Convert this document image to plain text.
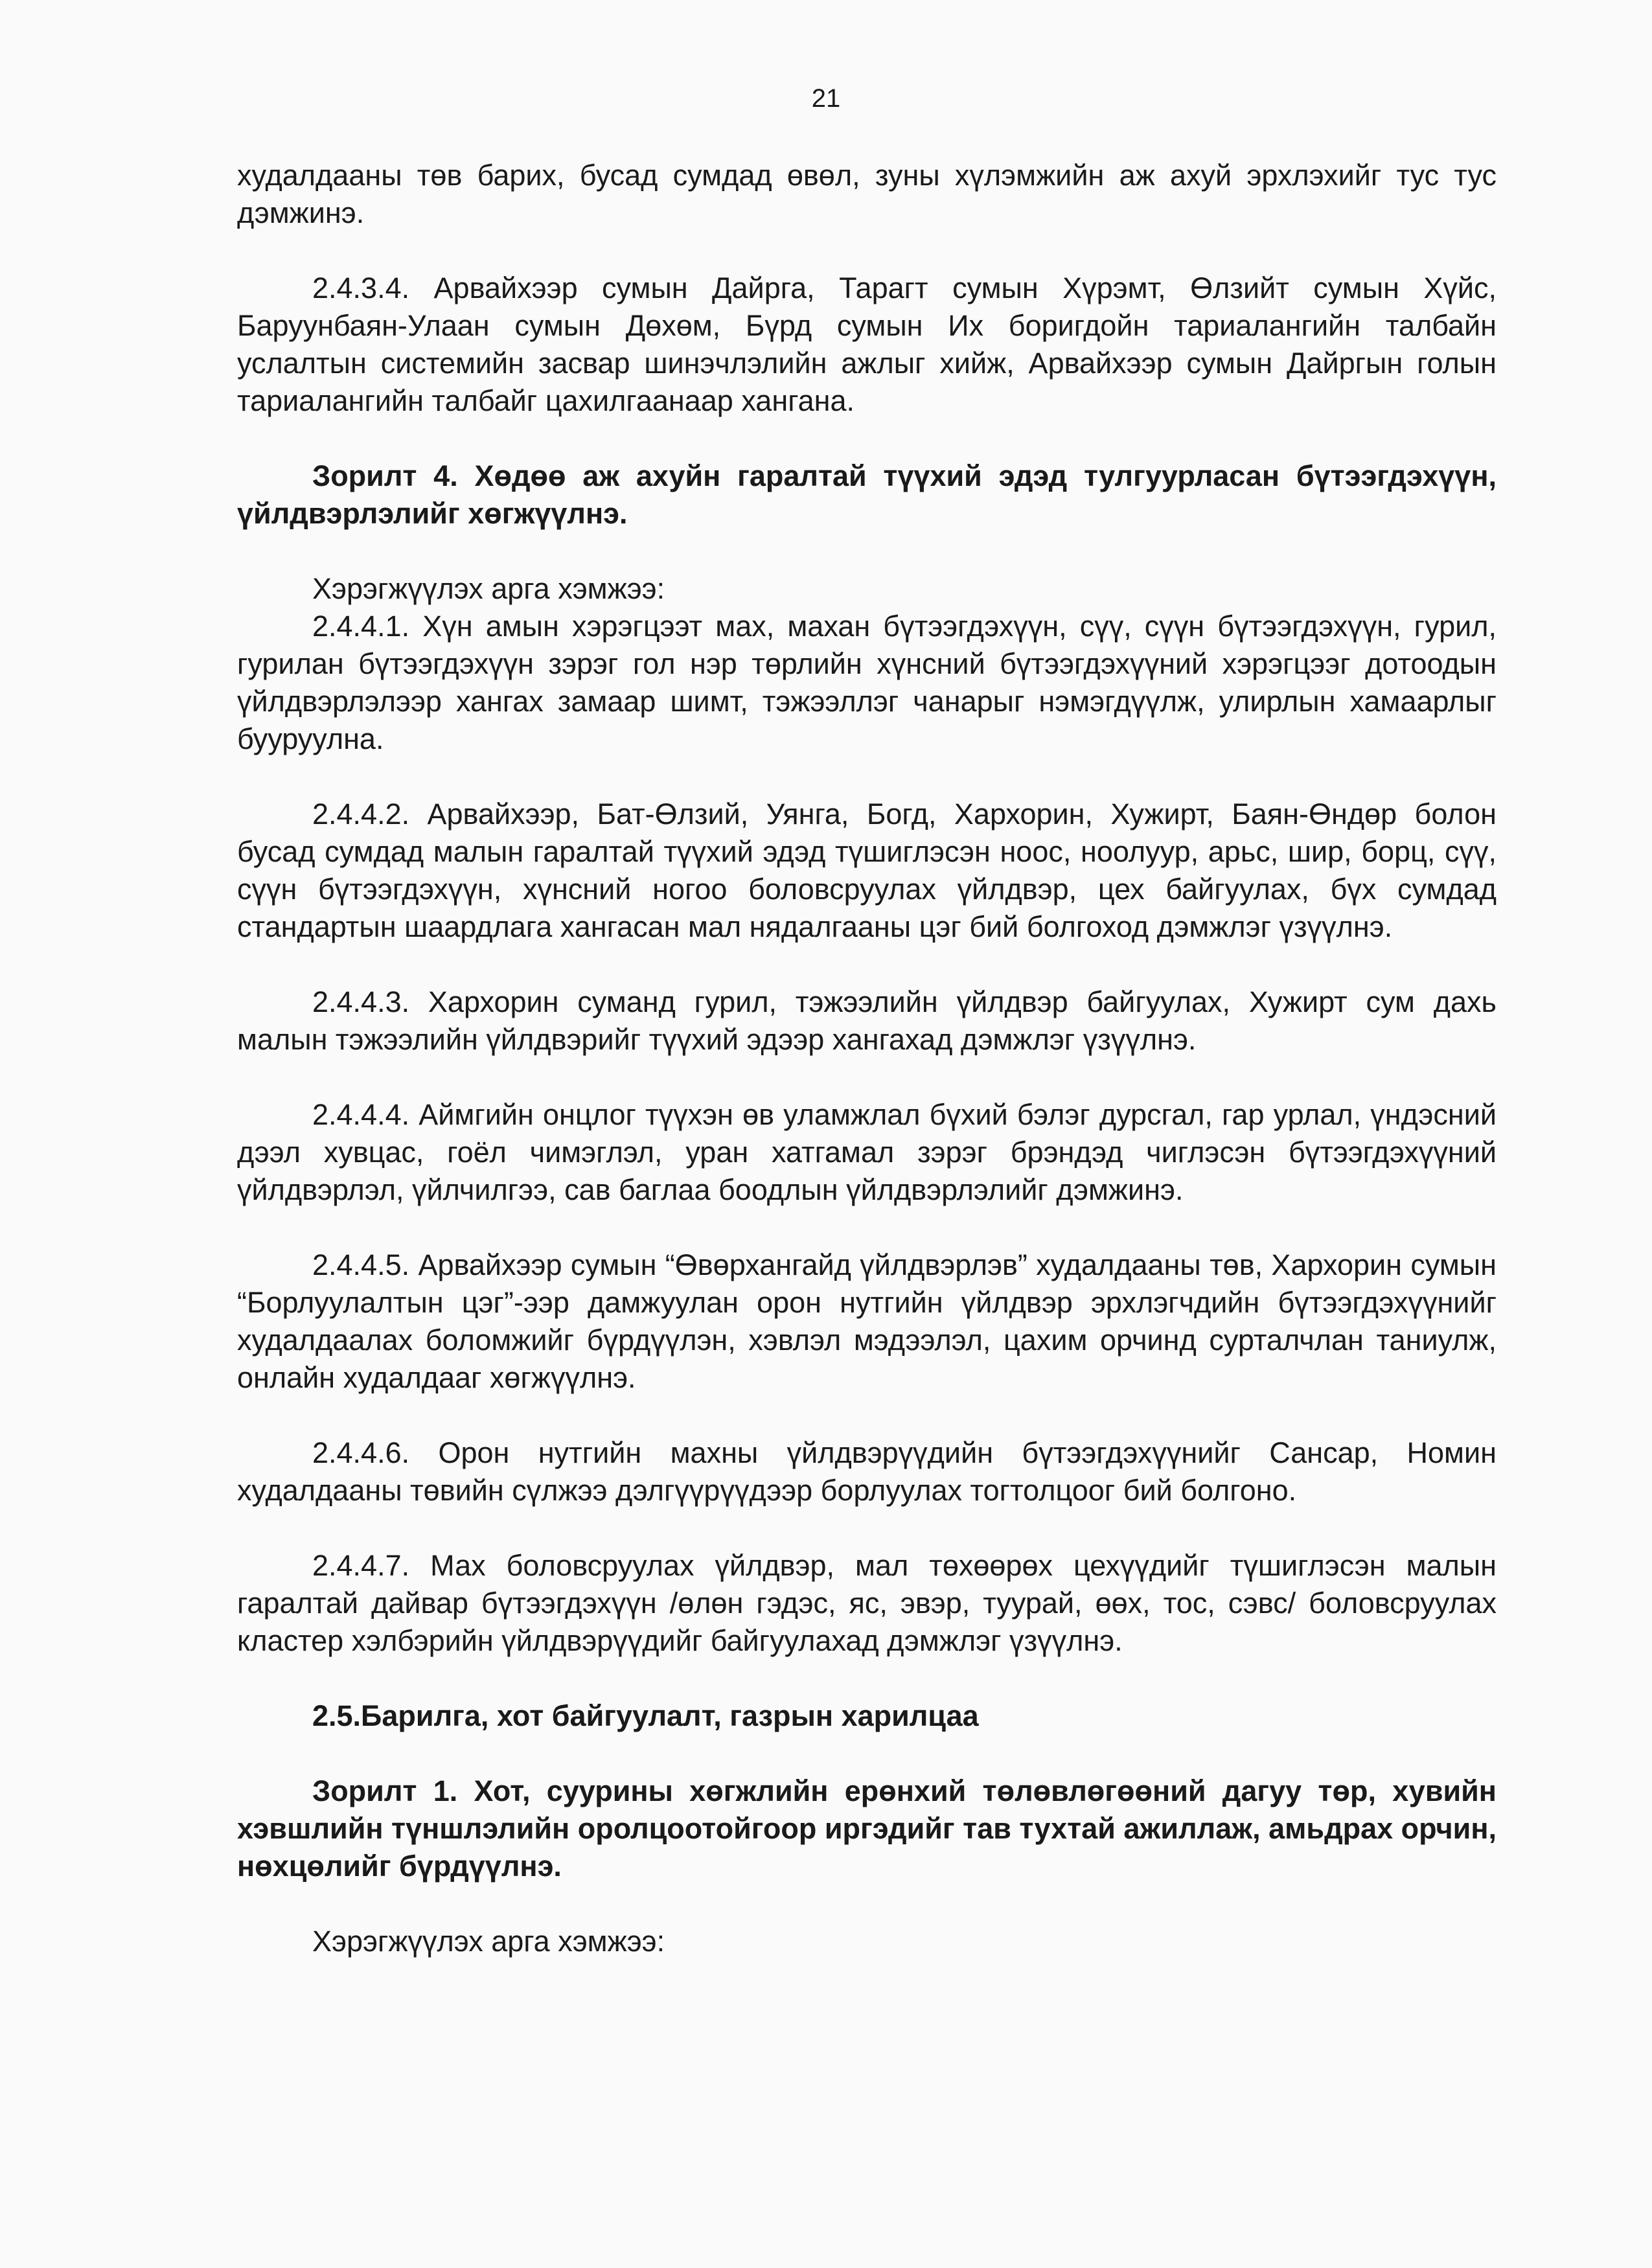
21

худалдааны төв барих, бусад сумдад өвөл, зуны хүлэмжийн аж ахуй эрхлэхийг тус тус дэмжинэ.

2.4.3.4. Арвайхээр сумын Дайрга, Тарагт сумын Хүрэмт, Өлзийт сумын Хүйс, Баруунбаян-Улаан сумын Дөхөм, Бүрд сумын Их боригдойн тариалангийн талбайн услалтын системийн засвар шинэчлэлийн ажлыг хийж, Арвайхээр сумын Дайргын голын тариалангийн талбайг цахилгаанаар хангана.

Зорилт 4. Хөдөө аж ахуйн гаралтай түүхий эдэд тулгуурласан бүтээгдэхүүн, үйлдвэрлэлийг хөгжүүлнэ.

Хэрэгжүүлэх арга хэмжээ:

2.4.4.1. Хүн амын хэрэгцээт мах, махан бүтээгдэхүүн, сүү, сүүн бүтээгдэхүүн, гурил, гурилан бүтээгдэхүүн зэрэг гол нэр төрлийн хүнсний бүтээгдэхүүний хэрэгцээг дотоодын үйлдвэрлэлээр хангах замаар шимт, тэжээллэг чанарыг нэмэгдүүлж, улирлын хамаарлыг бууруулна.

2.4.4.2. Арвайхээр, Бат-Өлзий, Уянга, Богд, Хархорин, Хужирт, Баян-Өндөр болон бусад сумдад малын гаралтай түүхий эдэд түшиглэсэн ноос, ноолуур, арьс, шир, борц, сүү, сүүн бүтээгдэхүүн, хүнсний ногоо боловсруулах үйлдвэр, цех байгуулах, бүх сумдад стандартын шаардлага хангасан мал нядалгааны цэг бий болгоход дэмжлэг үзүүлнэ.

2.4.4.3. Хархорин суманд гурил, тэжээлийн үйлдвэр байгуулах, Хужирт сум дахь малын тэжээлийн үйлдвэрийг түүхий эдээр хангахад дэмжлэг үзүүлнэ.

2.4.4.4. Аймгийн онцлог түүхэн өв уламжлал бүхий бэлэг дурсгал, гар урлал, үндэсний дээл хувцас, гоёл чимэглэл, уран хатгамал зэрэг брэндэд чиглэсэн бүтээгдэхүүний үйлдвэрлэл, үйлчилгээ, сав баглаа боодлын үйлдвэрлэлийг дэмжинэ.

2.4.4.5. Арвайхээр сумын “Өвөрхангайд үйлдвэрлэв” худалдааны төв, Хархорин сумын “Борлуулалтын цэг”-ээр дамжуулан орон нутгийн үйлдвэр эрхлэгчдийн бүтээгдэхүүнийг худалдаалах боломжийг бүрдүүлэн, хэвлэл мэдээлэл, цахим орчинд сурталчлан таниулж, онлайн худалдааг хөгжүүлнэ.

2.4.4.6. Орон нутгийн махны үйлдвэрүүдийн бүтээгдэхүүнийг Сансар, Номин худалдааны төвийн сүлжээ дэлгүүрүүдээр борлуулах тогтолцоог бий болгоно.

2.4.4.7. Мах боловсруулах үйлдвэр, мал төхөөрөх цехүүдийг түшиглэсэн малын гаралтай дайвар бүтээгдэхүүн /өлөн гэдэс, яс, эвэр, туурай, өөх, тос, сэвс/ боловсруулах кластер хэлбэрийн үйлдвэрүүдийг байгуулахад дэмжлэг үзүүлнэ.

2.5.Барилга, хот байгуулалт, газрын харилцаа

Зорилт 1. Хот, суурины хөгжлийн ерөнхий төлөвлөгөөний дагуу төр, хувийн хэвшлийн түншлэлийн оролцоотойгоор иргэдийг тав тухтай ажиллаж, амьдрах орчин, нөхцөлийг бүрдүүлнэ.

Хэрэгжүүлэх арга хэмжээ:
